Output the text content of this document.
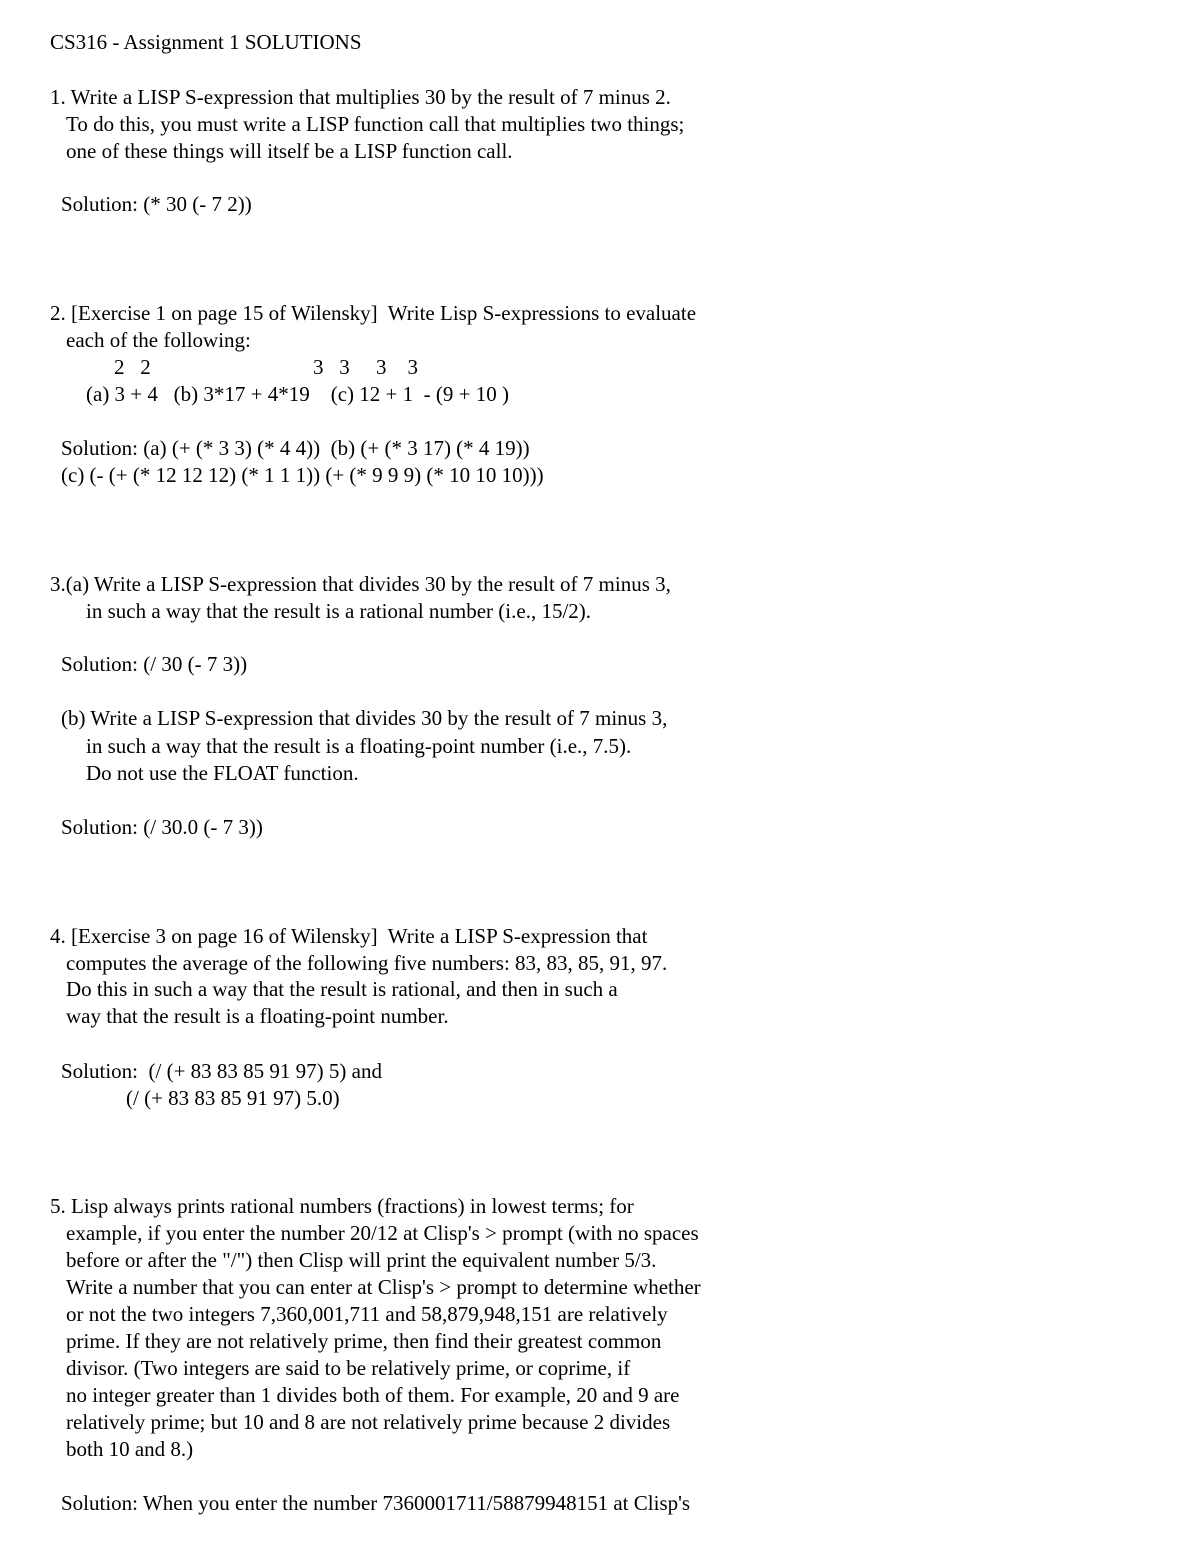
CS316 - Assignment 1 SOLUTIONS
1. Write a LISP S-expression that multiplies 30 by the result of 7 minus 2.
To do this, you must write a LISP function call that multiplies two things;
one of these things will itself be a LISP function call.
Solution: (* 30 (- 7 2))
2. [Exercise 1 on page 15 of Wilensky]  Write Lisp S-expressions to evaluate
each of the following:
2   2	3   3     3    3
(a) 3 + 4   (b) 3*17 + 4*19    (c) 12 + 1  - (9 + 10 )
Solution: (a) (+ (* 3 3) (* 4 4))  (b) (+ (* 3 17) (* 4 19))
(c) (- (+ (* 12 12 12) (* 1 1 1)) (+ (* 9 9 9) (* 10 10 10)))
3.(a) Write a LISP S-expression that divides 30 by the result of 7 minus 3,
in such a way that the result is a rational number (i.e., 15/2).
Solution: (/ 30 (- 7 3))
(b) Write a LISP S-expression that divides 30 by the result of 7 minus 3,
in such a way that the result is a floating-point number (i.e., 7.5).
Do not use the FLOAT function.
Solution: (/ 30.0 (- 7 3))
4. [Exercise 3 on page 16 of Wilensky]  Write a LISP S-expression that
computes the average of the following five numbers: 83, 83, 85, 91, 97.
Do this in such a way that the result is rational, and then in such a
way that the result is a floating-point number.
Solution:  (/ (+ 83 83 85 91 97) 5) and
(/ (+ 83 83 85 91 97) 5.0)
5. Lisp always prints rational numbers (fractions) in lowest terms; for
example, if you enter the number 20/12 at Clisp's > prompt (with no spaces
before or after the "/") then Clisp will print the equivalent number 5/3.
Write a number that you can enter at Clisp's > prompt to determine whether
or not the two integers 7,360,001,711 and 58,879,948,151 are relatively
prime. If they are not relatively prime, then find their greatest common
divisor. (Two integers are said to be relatively prime, or coprime, if
no integer greater than 1 divides both of them. For example, 20 and 9 are
relatively prime; but 10 and 8 are not relatively prime because 2 divides
both 10 and 8.)
Solution: When you enter the number 7360001711/58879948151 at Clisp's
